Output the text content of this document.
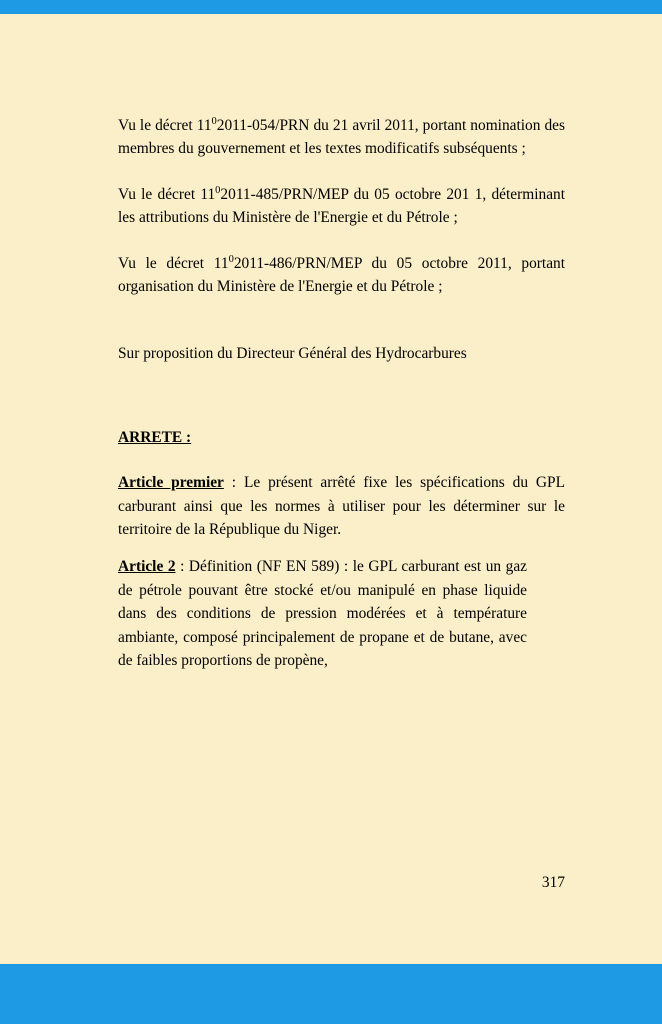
Vu le décret $11^02011-054$/PRN du 21 avril 2011, portant nomination des membres du gouvernement et les textes modificatifs subséquents ;

Vu le décret $11^02011-485/PRN$/MEP du 05 octobre 201 1, déterminant les attributions du Ministère de l'Energie et du Pétrole ;

Vu le décret $11^02011-486/PRN$/MEP du 05 octobre 2011, portant organisation du Ministère de l'Energie et du Pétrole ;

Sur proposition du Directeur Général des Hydrocarbures

ARRETE :

Article premier : Le présent arrêté fixe les spécifications du GPL carburant ainsi que les normes à utiliser pour les déterminer sur le territoire de la République du Niger.

Article 2 : Définition (NF EN 589) : le GPL carburant est un gaz de pétrole pouvant être stocké et/ou manipulé en phase liquide dans des conditions de pression modérées et à température ambiante, composé principalement de propane et de butane, avec de faibles proportions de propène,

317
